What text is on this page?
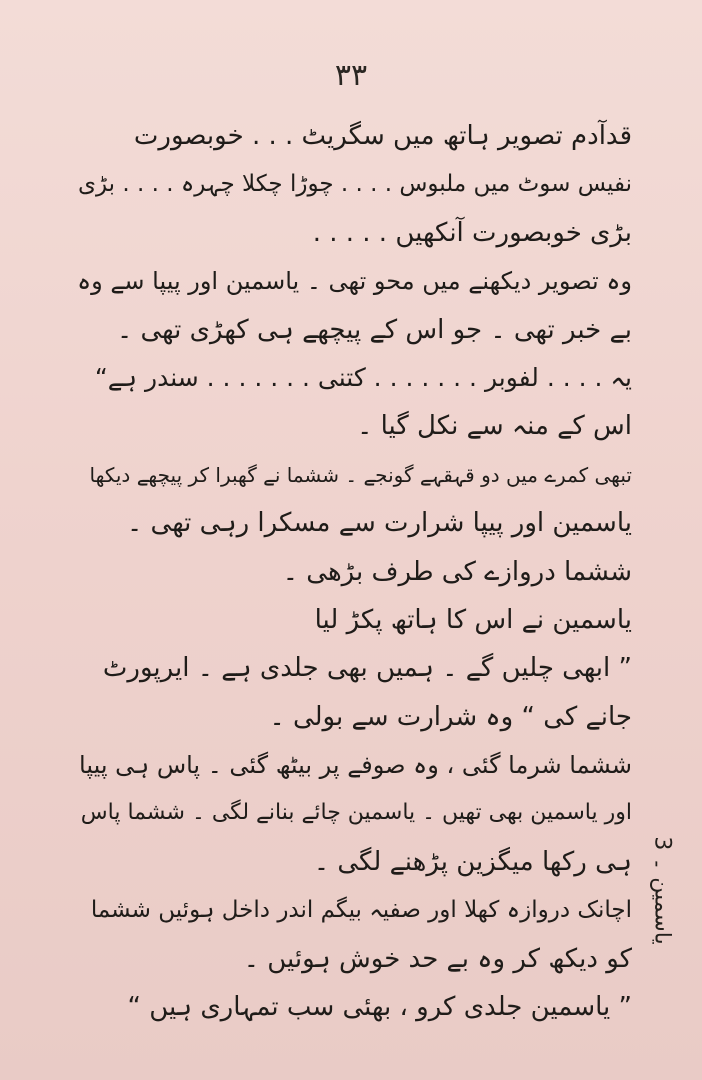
۳۳
قدآدم تصویر ہاتھ میں سگریٹ . . . خوبصورت
نفیس سوٹ میں ملبوس . . . . چوڑا چکلا چہرہ . . . . بڑی
بڑی خوبصورت آنکھیں . . . . .
وہ تصویر دیکھنے میں محو تھی ۔ یاسمین اور پیپا سے وہ
بے خبر تھی ۔ جو اس کے پیچھے ہی کھڑی تھی ۔
یہ . . . . لفوبر . . . . . . . کتنی . . . . . . . سندر ہے“
اس کے منہ سے نکل گیا ۔
تبھی کمرے میں دو قہقہے گونجے ۔ ششما نے گھبرا کر پیچھے دیکھا
یاسمین اور پیپا شرارت سے مسکرا رہی تھی ۔
ششما دروازے کی طرف بڑھی ۔
یاسمین نے اس کا ہاتھ پکڑ لیا
” ابھی چلیں گے ۔ ہمیں بھی جلدی ہے ۔ ایرپورٹ
جانے کی “ وہ شرارت سے بولی ۔
ششما شرما گئی ، وہ صوفے پر بیٹھ گئی ۔ پاس ہی پیپا
اور یاسمین بھی تھیں ۔ یاسمین چائے بنانے لگی ۔ ششما پاس
ہی رکھا میگزین پڑھنے لگی ۔
اچانک دروازہ کھلا اور صفیہ بیگم اندر داخل ہوئیں ششما
کو دیکھ کر وہ بے حد خوش ہوئیں ۔
” یاسمین جلدی کرو ، بھئی سب تمہاری ہیں “
یاسمین ۔ 3
